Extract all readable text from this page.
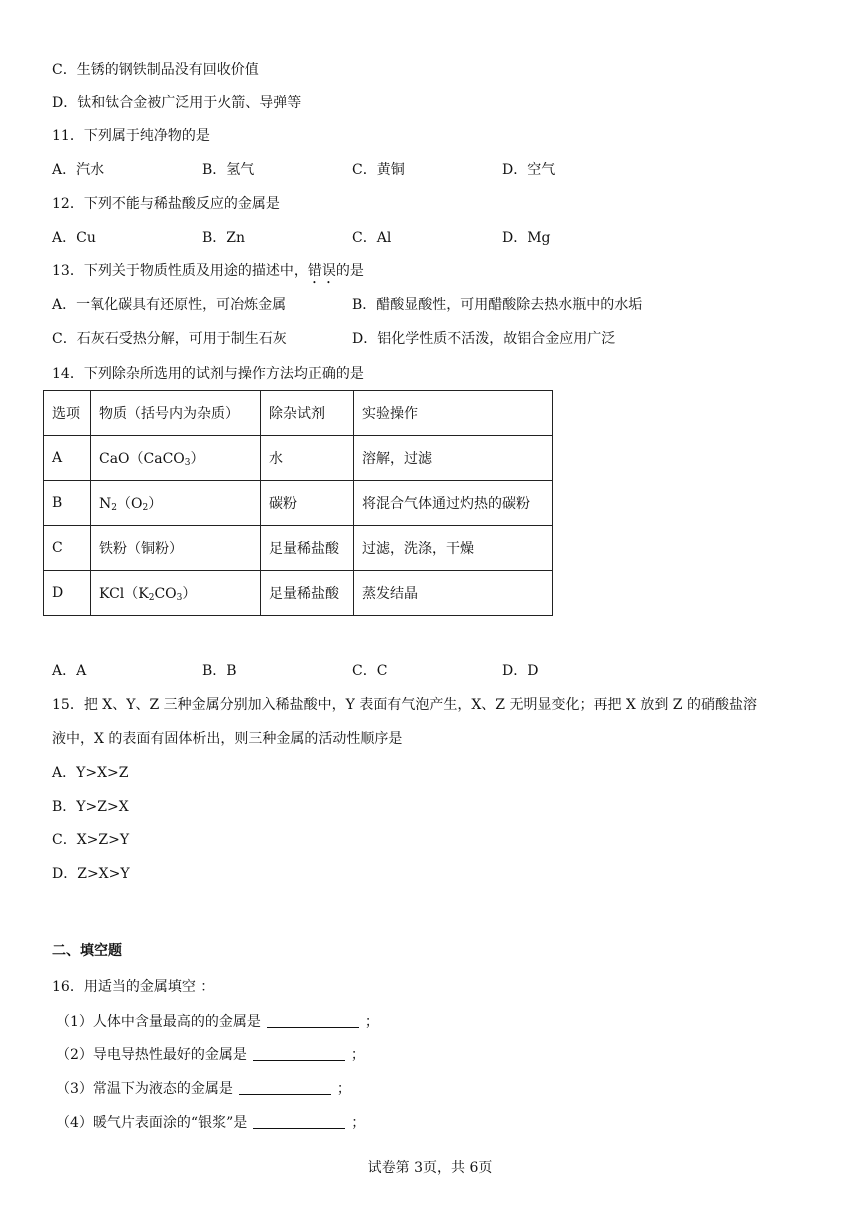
C．生锈的钢铁制品没有回收价值
D．钛和钛合金被广泛用于火箭、导弹等
11．下列属于纯净物的是
A．汽水	B．氢气	C．黄铜	D．空气
12．下列不能与稀盐酸反应的金属是
A．Cu	B．Zn	C．Al	D．Mg
13．下列关于物质性质及用途的描述中，错误的是
A．一氧化碳具有还原性，可冶炼金属	B．醋酸显酸性，可用醋酸除去热水瓶中的水垢
C．石灰石受热分解，可用于制生石灰	D．铝化学性质不活泼，故铝合金应用广泛
14．下列除杂所选用的试剂与操作方法均正确的是
选项	物质（括号内为杂质）	除杂试剂	实验操作
A	CaO（CaCO$_3$）	水	溶解，过滤
B	$N_2(O_2)$	碳粉	将混合气体通过灼热的碳粉
C	铁粉（铜粉）	足量稀盐酸	过滤，洗涤，干燥
D	$KCl(K_2CO_3)$	足量稀盐酸	蒸发结晶
A．A	B．B	C．C	D．D
15．把 X、Y、Z 三种金属分别加入稀盐酸中，Y 表面有气泡产生，X、Z 无明显变化；再把 X 放到 Z 的硝酸盐溶
液中，X 的表面有固体析出，则三种金属的活动性顺序是
A．Y>X>Z
B．Y>Z>X
C．X>Z>Y
D．Z>X>Y
二、填空题
16．用适当的金属填空 ：
（1）人体中含量最高的的金属是	；
（2）导电导热性最好的金属是	；
（3）常温下为液态的金属是	；
（4）暖气片表面涂的“银浆”是	；
试卷第 3页，共 6页
